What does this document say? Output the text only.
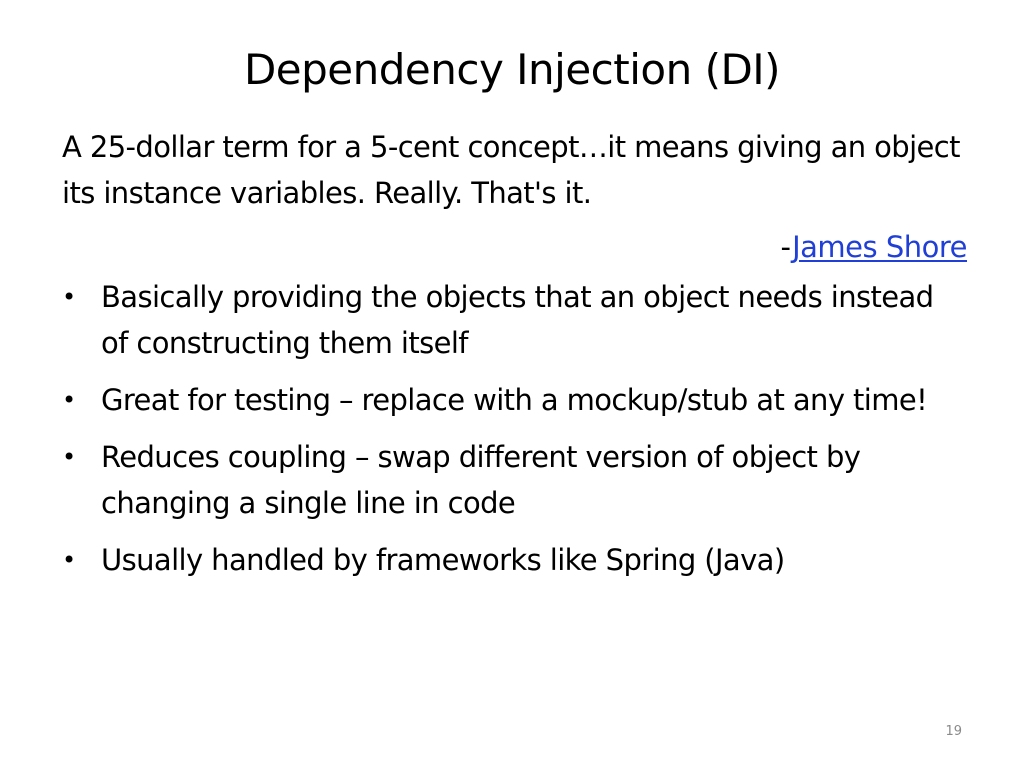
Dependency Injection (DI)

A 25-dollar term for a 5-cent concept…it means giving an object its instance variables. Really. That's it.

-James Shore

• Basically providing the objects that an object needs instead of constructing them itself
• Great for testing – replace with a mockup/stub at any time!
• Reduces coupling – swap different version of object by changing a single line in code
• Usually handled by frameworks like Spring (Java)
19
